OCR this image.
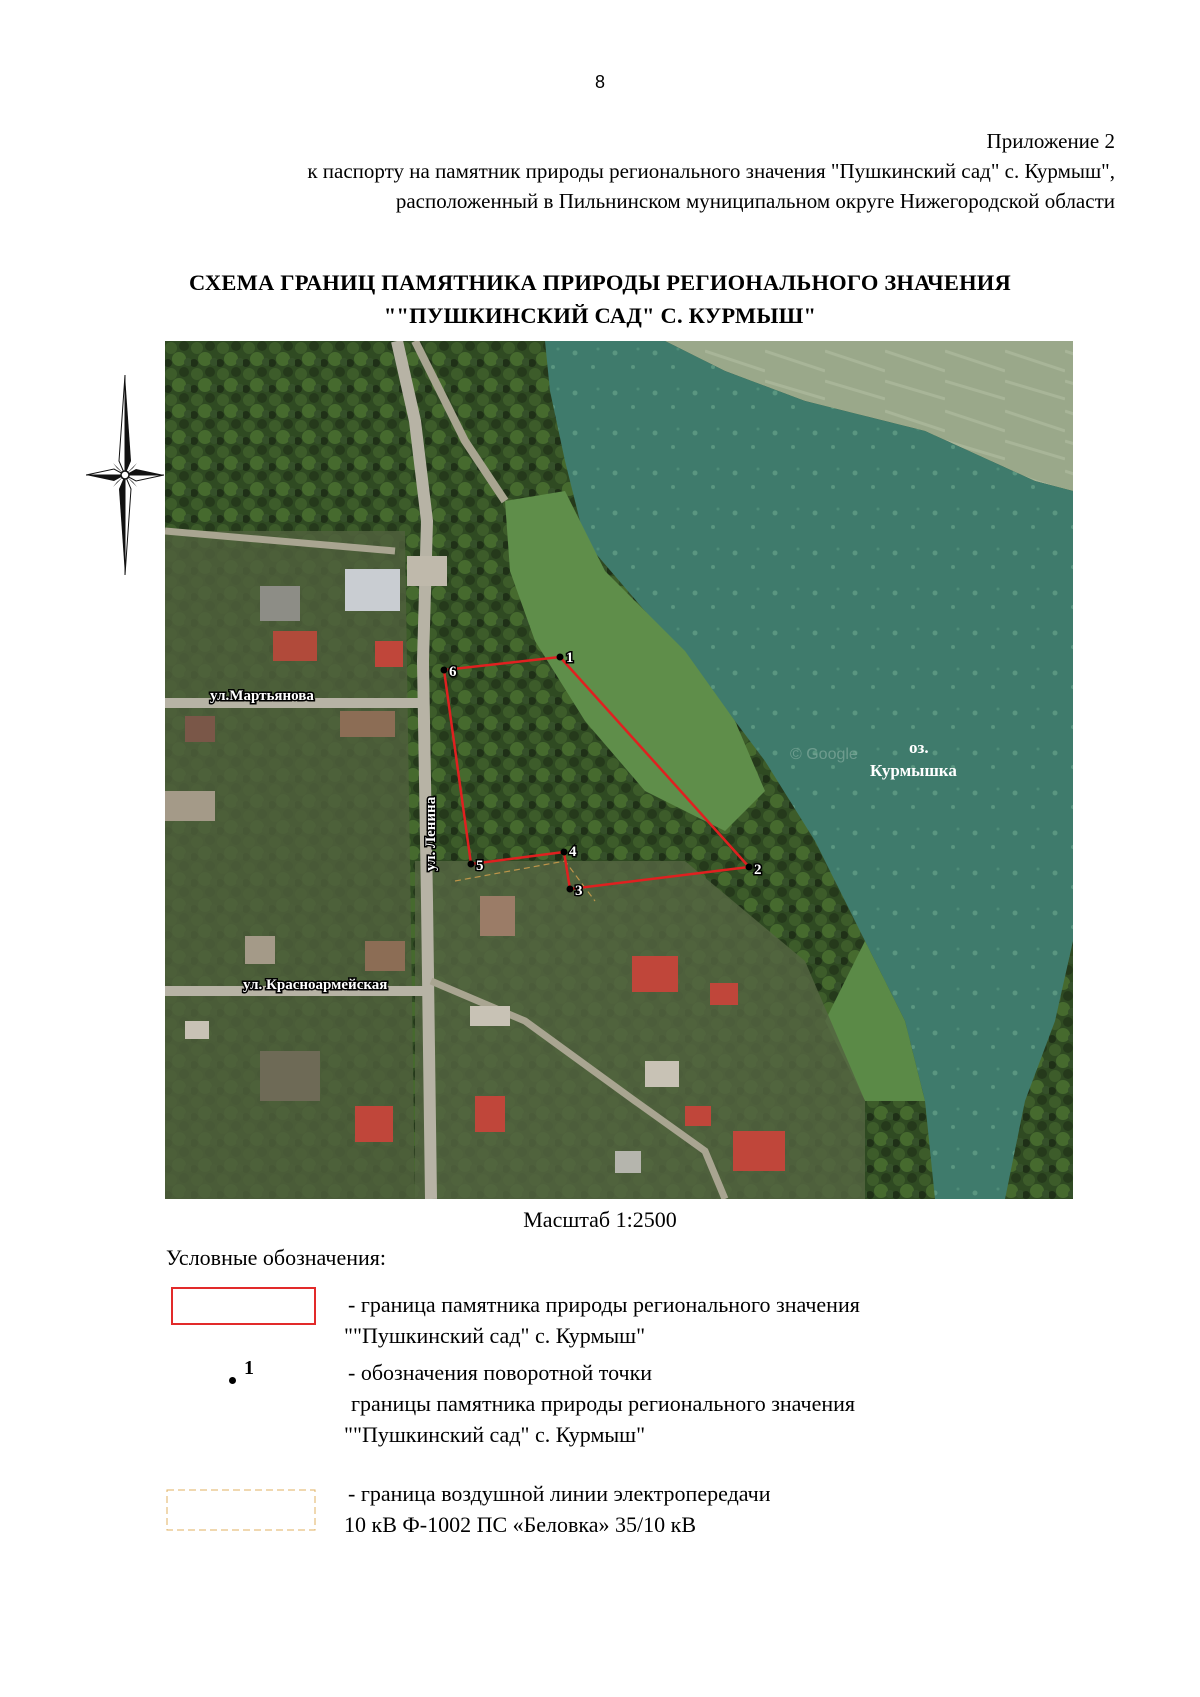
8
Приложение 2
к паспорту на памятник природы регионального значения "Пушкинский сад" с. Курмыш",
расположенный в Пильнинском муниципальном округе Нижегородской области
СХЕМА ГРАНИЦ ПАМЯТНИКА ПРИРОДЫ РЕГИОНАЛЬНОГО ЗНАЧЕНИЯ
""ПУШКИНСКИЙ САД" С. КУРМЫШ"
© Google
1
2
3
4
5
6
ул.Мартьянова
ул. Ленина
ул. Красноармейская
оз.
Курмышка
Масштаб 1:2500
Условные обозначения:
- граница памятника природы регионального значения
""Пушкинский сад" с. Курмыш"
1	- обозначения поворотной точки
границы памятника природы регионального значения
""Пушкинский сад" с. Курмыш"
- граница воздушной линии электропередачи
10 кВ Ф-1002 ПС «Беловка» 35/10 кВ
